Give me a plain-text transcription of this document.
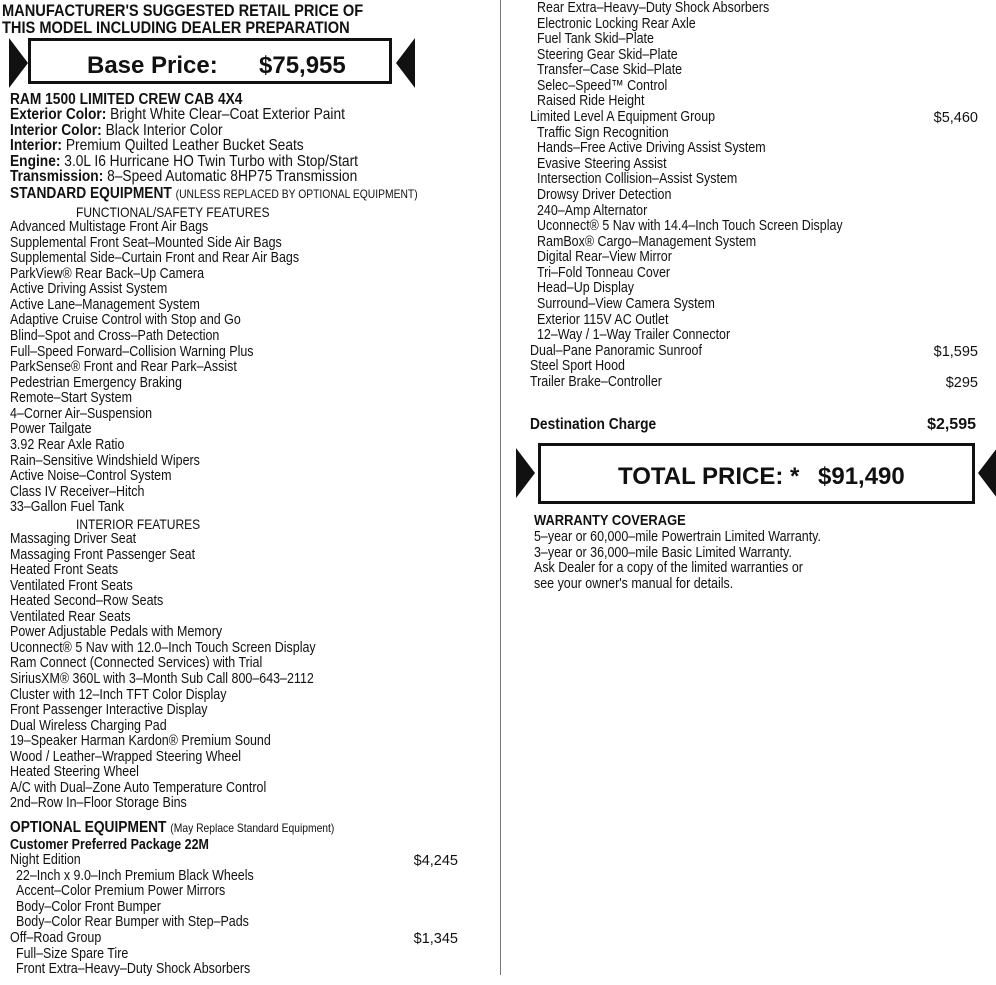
MANUFACTURER'S SUGGESTED RETAIL PRICE OF
THIS MODEL INCLUDING DEALER PREPARATION
Base Price: $75,955
RAM 1500 LIMITED CREW CAB 4X4
Exterior Color: Bright White Clear–Coat Exterior Paint
Interior Color: Black Interior Color
Interior: Premium Quilted Leather Bucket Seats
Engine: 3.0L I6 Hurricane HO Twin Turbo with Stop/Start
Transmission: 8–Speed Automatic 8HP75 Transmission
STANDARD EQUIPMENT (UNLESS REPLACED BY OPTIONAL EQUIPMENT)
FUNCTIONAL/SAFETY FEATURES
Advanced Multistage Front Air Bags
Supplemental Front Seat–Mounted Side Air Bags
Supplemental Side–Curtain Front and Rear Air Bags
ParkView® Rear Back–Up Camera
Active Driving Assist System
Active Lane–Management System
Adaptive Cruise Control with Stop and Go
Blind–Spot and Cross–Path Detection
Full–Speed Forward–Collision Warning Plus
ParkSense® Front and Rear Park–Assist
Pedestrian Emergency Braking
Remote–Start System
4–Corner Air–Suspension
Power Tailgate
3.92 Rear Axle Ratio
Rain–Sensitive Windshield Wipers
Active Noise–Control System
Class IV Receiver–Hitch
33–Gallon Fuel Tank
INTERIOR FEATURES
Massaging Driver Seat
Massaging Front Passenger Seat
Heated Front Seats
Ventilated Front Seats
Heated Second–Row Seats
Ventilated Rear Seats
Power Adjustable Pedals with Memory
Uconnect® 5 Nav with 12.0–Inch Touch Screen Display
Ram Connect (Connected Services) with Trial
SiriusXM® 360L with 3–Month Sub Call 800–643–2112
Cluster with 12–Inch TFT Color Display
Front Passenger Interactive Display
Dual Wireless Charging Pad
19–Speaker Harman Kardon® Premium Sound
Wood / Leather–Wrapped Steering Wheel
Heated Steering Wheel
A/C with Dual–Zone Auto Temperature Control
2nd–Row In–Floor Storage Bins
OPTIONAL EQUIPMENT (May Replace Standard Equipment)
Customer Preferred Package 22M
Night Edition	$4,245
22–Inch x 9.0–Inch Premium Black Wheels
Accent–Color Premium Power Mirrors
Body–Color Front Bumper
Body–Color Rear Bumper with Step–Pads
Off–Road Group	$1,345
Full–Size Spare Tire
Front Extra–Heavy–Duty Shock Absorbers
Rear Extra–Heavy–Duty Shock Absorbers
Electronic Locking Rear Axle
Fuel Tank Skid–Plate
Steering Gear Skid–Plate
Transfer–Case Skid–Plate
Selec–Speed™ Control
Raised Ride Height
Limited Level A Equipment Group	$5,460
Traffic Sign Recognition
Hands–Free Active Driving Assist System
Evasive Steering Assist
Intersection Collision–Assist System
Drowsy Driver Detection
240–Amp Alternator
Uconnect® 5 Nav with 14.4–Inch Touch Screen Display
RamBox® Cargo–Management System
Digital Rear–View Mirror
Tri–Fold Tonneau Cover
Head–Up Display
Surround–View Camera System
Exterior 115V AC Outlet
12–Way / 1–Way Trailer Connector
Dual–Pane Panoramic Sunroof	$1,595
Steel Sport Hood
Trailer Brake–Controller	$295
Destination Charge	$2,595
TOTAL PRICE: * $91,490
WARRANTY COVERAGE
5–year or 60,000–mile Powertrain Limited Warranty.
3–year or 36,000–mile Basic Limited Warranty.
Ask Dealer for a copy of the limited warranties or
see your owner's manual for details.
